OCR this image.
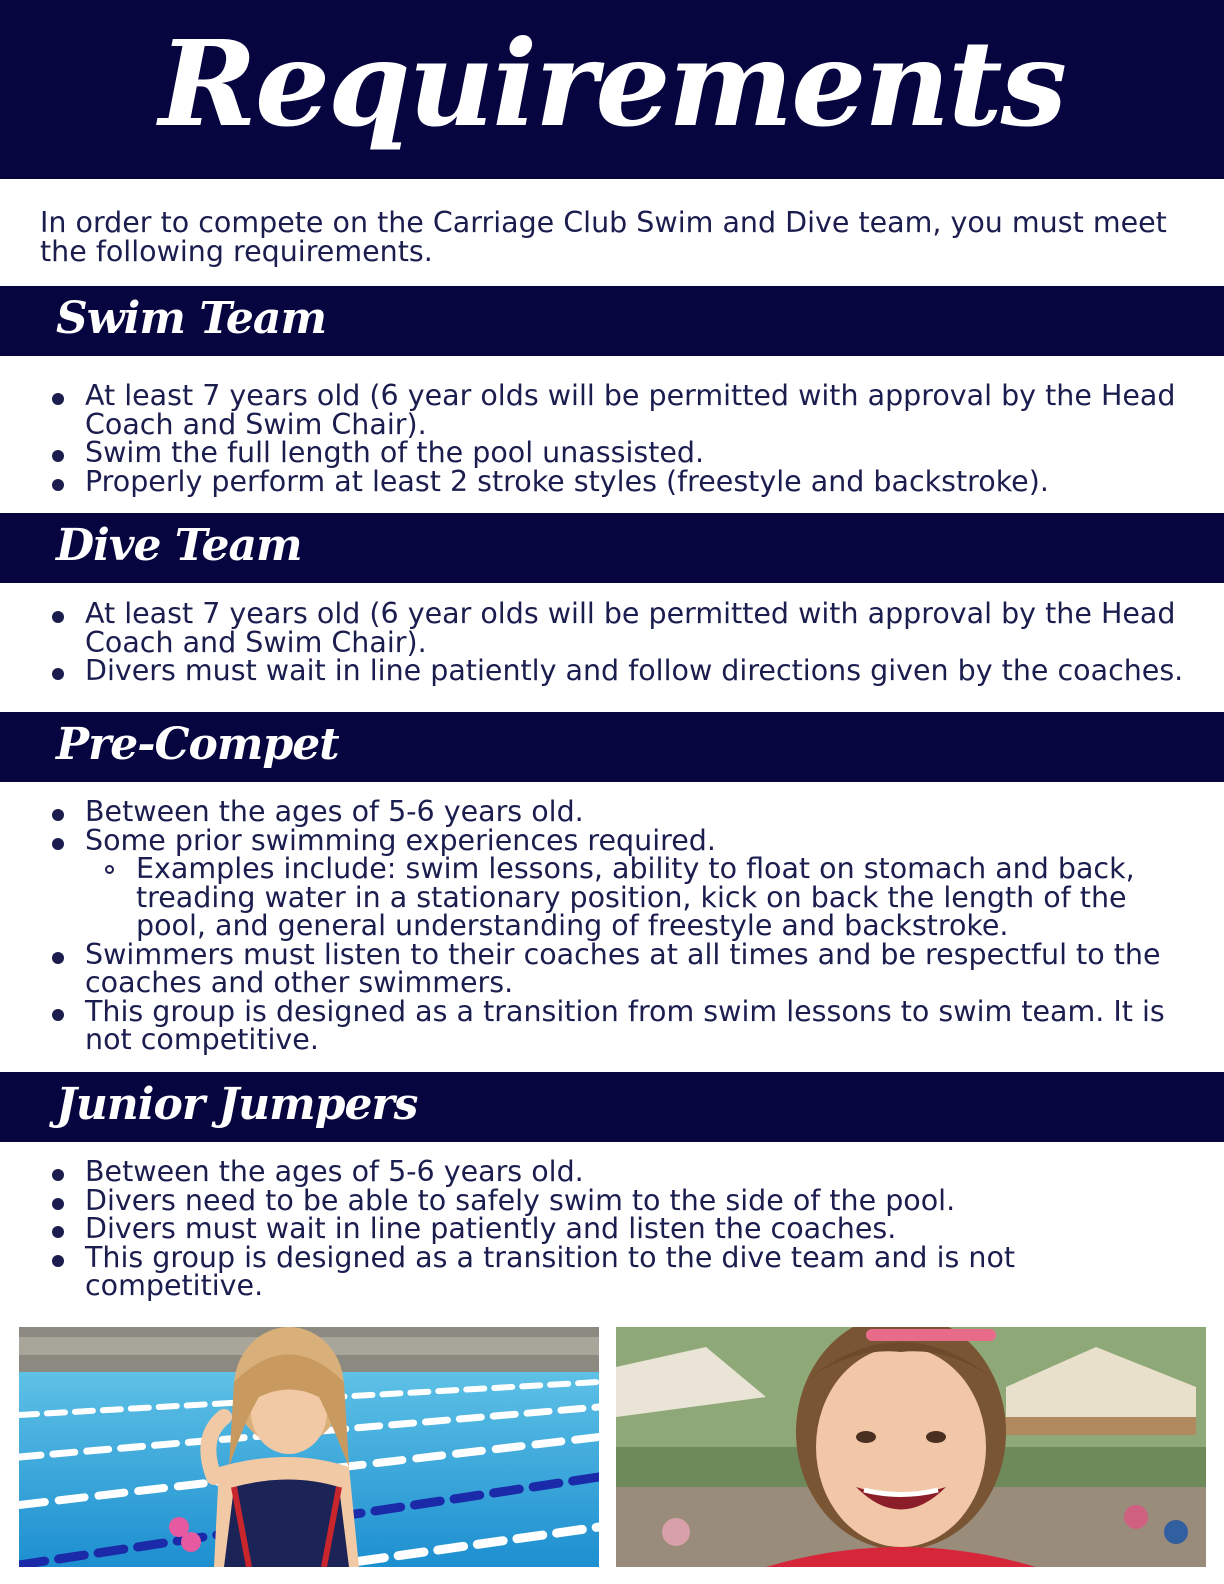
Requirements
In order to compete on the Carriage Club Swim and Dive team, you must meet the following requirements.
Swim Team
At least 7 years old (6 year olds will be permitted with approval by the Head Coach and Swim Chair).
Swim the full length of the pool unassisted.
Properly perform at least 2 stroke styles (freestyle and backstroke).
Dive Team
At least 7 years old (6 year olds will be permitted with approval by the Head Coach and Swim Chair).
Divers must wait in line patiently and follow directions given by the coaches.
Pre-Compet
Between the ages of 5-6 years old.
Some prior swimming experiences required.
Examples include: swim lessons, ability to float on stomach and back, treading water in a stationary position, kick on back the length of the pool, and general understanding of freestyle and backstroke.
Swimmers must listen to their coaches at all times and be respectful to the coaches and other swimmers.
This group is designed as a transition from swim lessons to swim team. It is not competitive.
Junior Jumpers
Between the ages of 5-6 years old.
Divers need to be able to safely swim to the side of the pool.
Divers must wait in line patiently and listen the coaches.
This group is designed as a transition to the dive team and is not competitive.
